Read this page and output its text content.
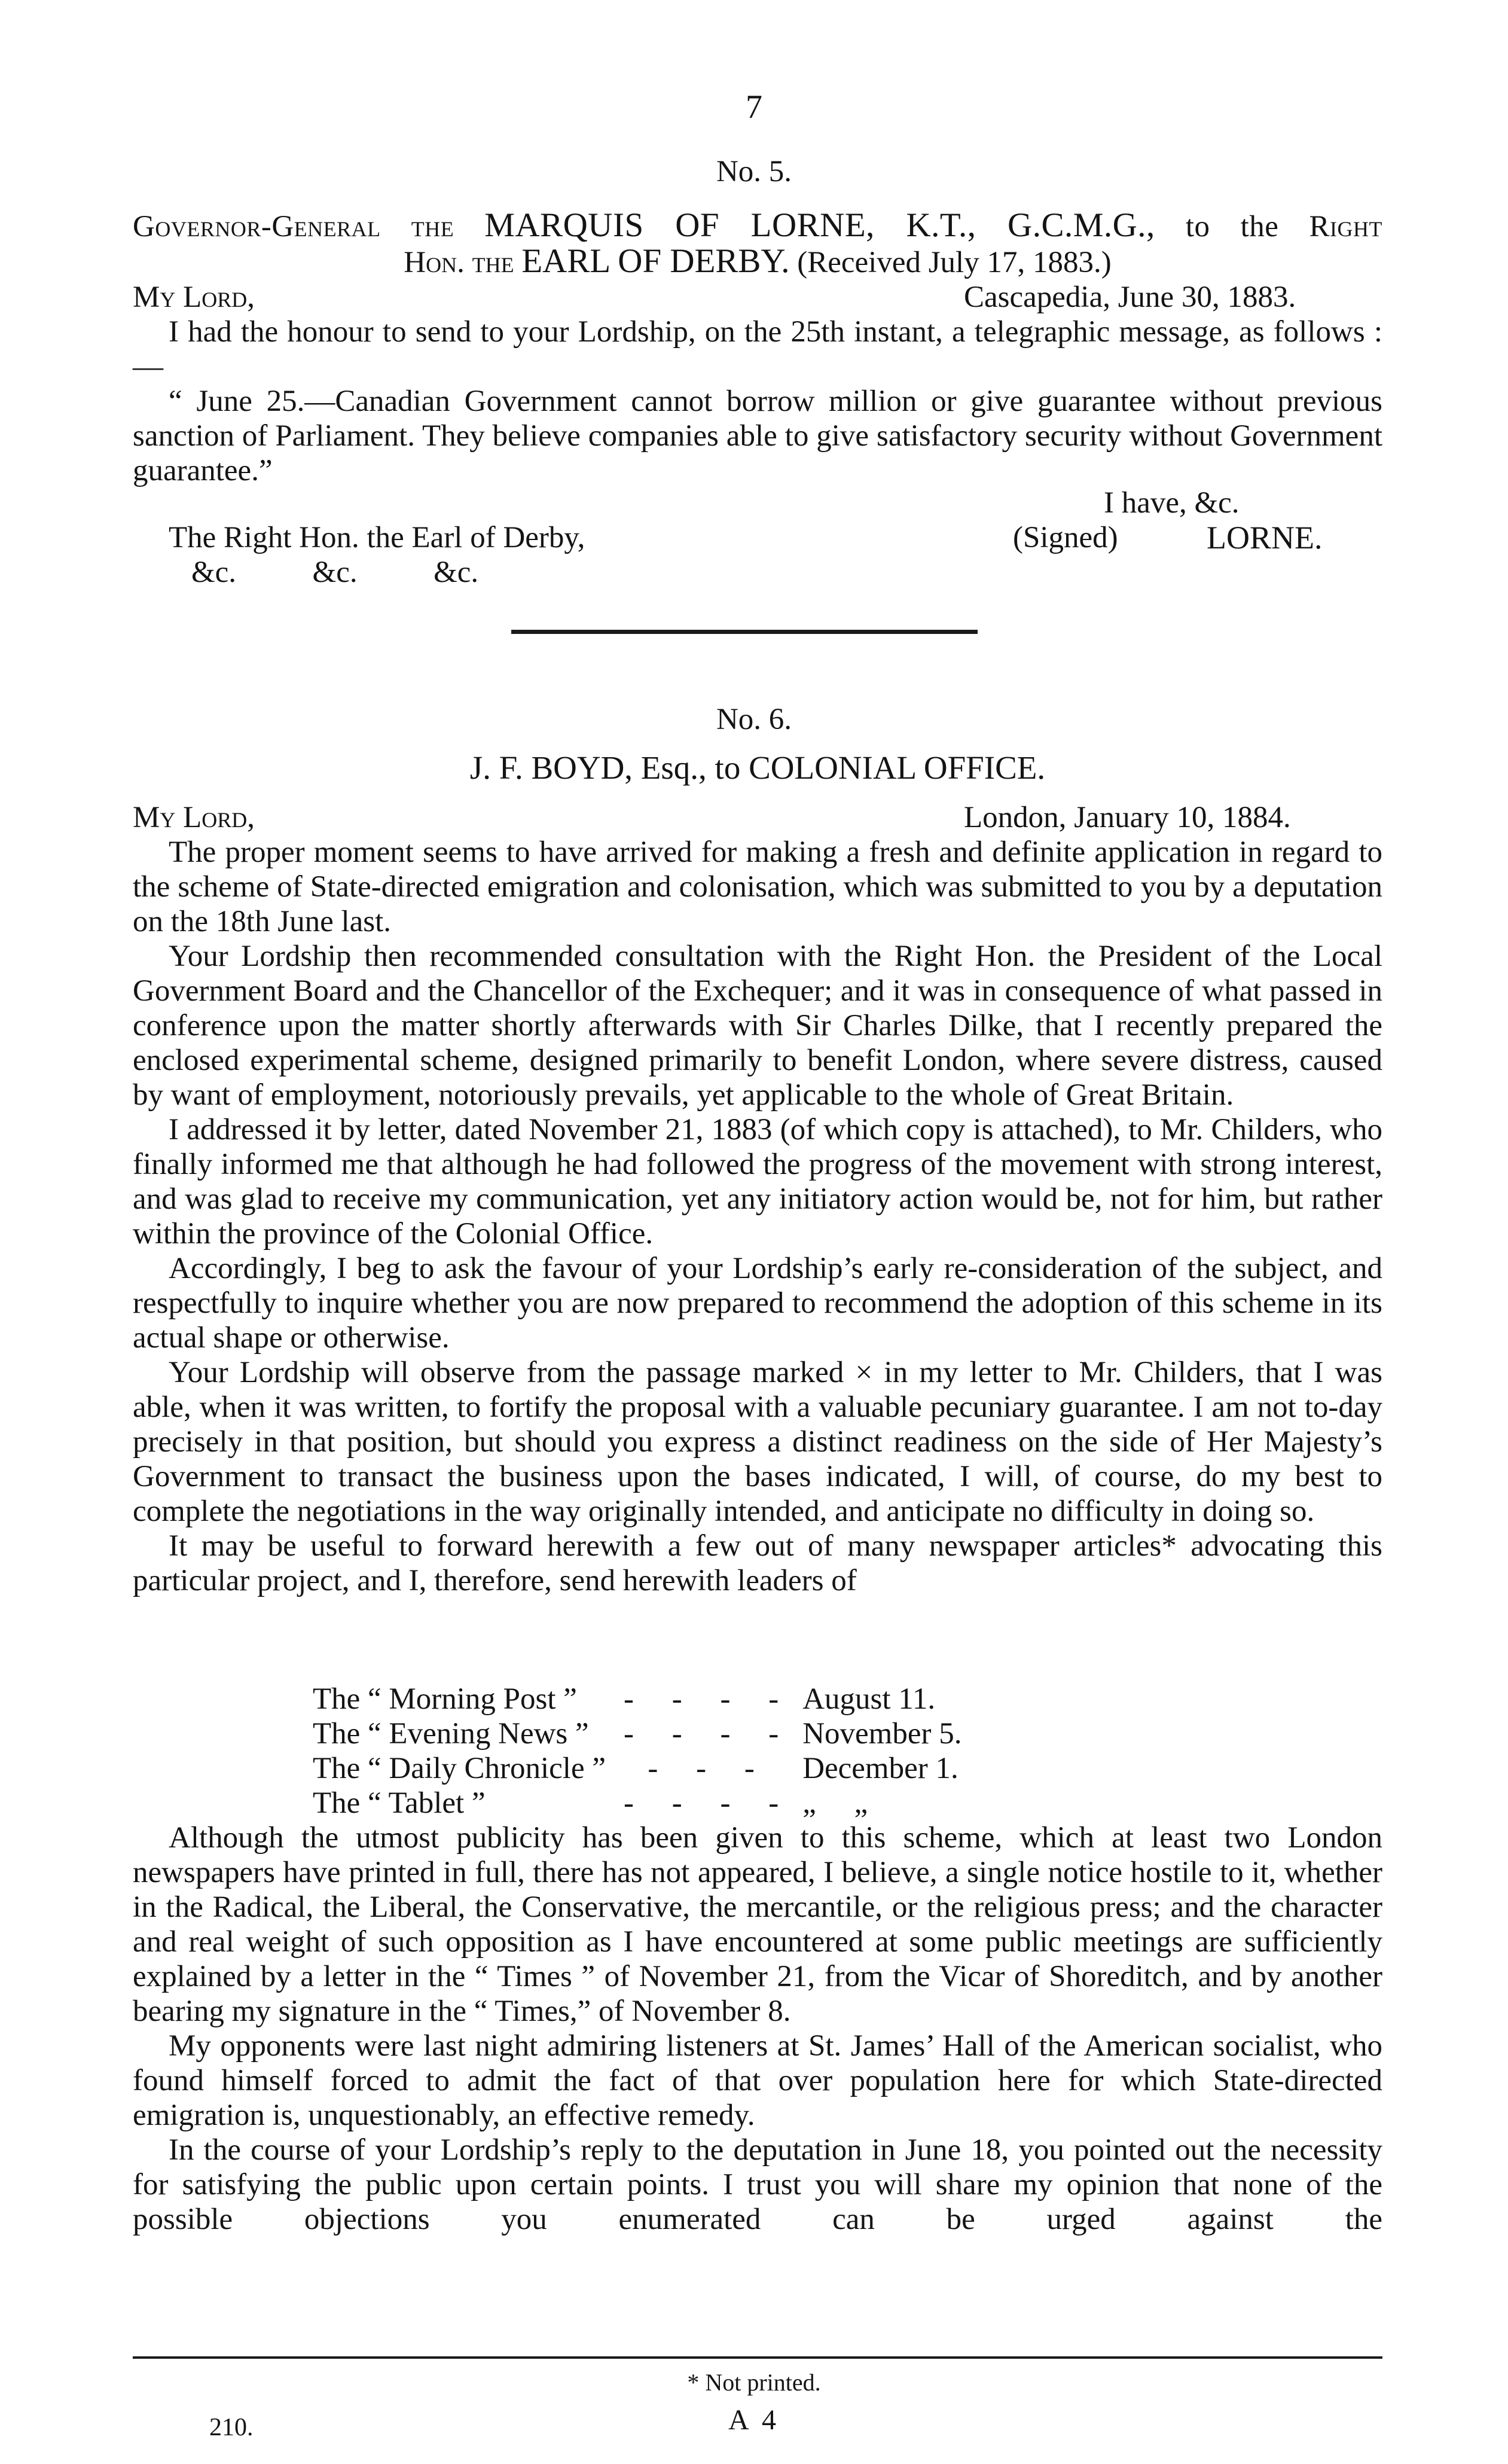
7
No. 5.

Governor-General the MARQUIS OF LORNE, K.T., G.C.M.G., to the Right

Hon. the EARL OF DERBY. (Received July 17, 1883.)

My Lord,	Cascapedia, June 30, 1883.

I had the honour to send to your Lordship, on the 25th instant, a telegraphic message, as follows :—

“ June 25.—Canadian Government cannot borrow million or give guarantee without previous sanction of Parliament. They believe companies able to give satisfactory security without Government guarantee.”

I have, &c.
The Right Hon. the Earl of Derby,	(Signed)	LORNE.
&c.          &c.          &c.
No. 6.
J. F. BOYD, Esq., to COLONIAL OFFICE.
My Lord,	London, January 10, 1884.

The proper moment seems to have arrived for making a fresh and definite application in regard to the scheme of State-directed emigration and colonisation, which was submitted to you by a deputation on the 18th June last.

Your Lordship then recommended consultation with the Right Hon. the President of the Local Government Board and the Chancellor of the Exchequer; and it was in consequence of what passed in conference upon the matter shortly afterwards with Sir Charles Dilke, that I recently prepared the enclosed experimental scheme, designed primarily to benefit London, where severe distress, caused by want of employment, notoriously prevails, yet applicable to the whole of Great Britain.

I addressed it by letter, dated November 21, 1883 (of which copy is attached), to Mr. Childers, who finally informed me that although he had followed the progress of the movement with strong interest, and was glad to receive my communication, yet any initiatory action would be, not for him, but rather within the province of the Colonial Office.

Accordingly, I beg to ask the favour of your Lordship’s early re-consideration of the subject, and respectfully to inquire whether you are now prepared to recommend the adoption of this scheme in its actual shape or otherwise.

Your Lordship will observe from the passage marked × in my letter to Mr. Childers, that I was able, when it was written, to fortify the proposal with a valuable pecuniary guarantee. I am not to-day precisely in that position, but should you express a distinct readiness on the side of Her Majesty’s Government to transact the business upon the bases indicated, I will, of course, do my best to complete the negotiations in the way originally intended, and anticipate no difficulty in doing so.

It may be useful to forward herewith a few out of many newspaper articles* advocating this particular project, and I, therefore, send herewith leaders of

The “ Morning Post ”	-     -     -     -	August 11.
The “ Evening News ”	-     -     -     -	November 5.
The “ Daily Chronicle ”	-     -     -	December 1.
The “ Tablet ”	-     -     -     -	„     „

Although the utmost publicity has been given to this scheme, which at least two London newspapers have printed in full, there has not appeared, I believe, a single notice hostile to it, whether in the Radical, the Liberal, the Conservative, the mercantile, or the religious press; and the character and real weight of such opposition as I have encountered at some public meetings are sufficiently explained by a letter in the “ Times ” of November 21, from the Vicar of Shoreditch, and by another bearing my signature in the “ Times,” of November 8.

My opponents were last night admiring listeners at St. James’ Hall of the American socialist, who found himself forced to admit the fact of that over population here for which State-directed emigration is, unquestionably, an effective remedy.

In the course of your Lordship’s reply to the deputation in June 18, you pointed out the necessity for satisfying the public upon certain points. I trust you will share my opinion that none of the possible objections you enumerated can be urged against the

* Not printed.
210.	A 4
